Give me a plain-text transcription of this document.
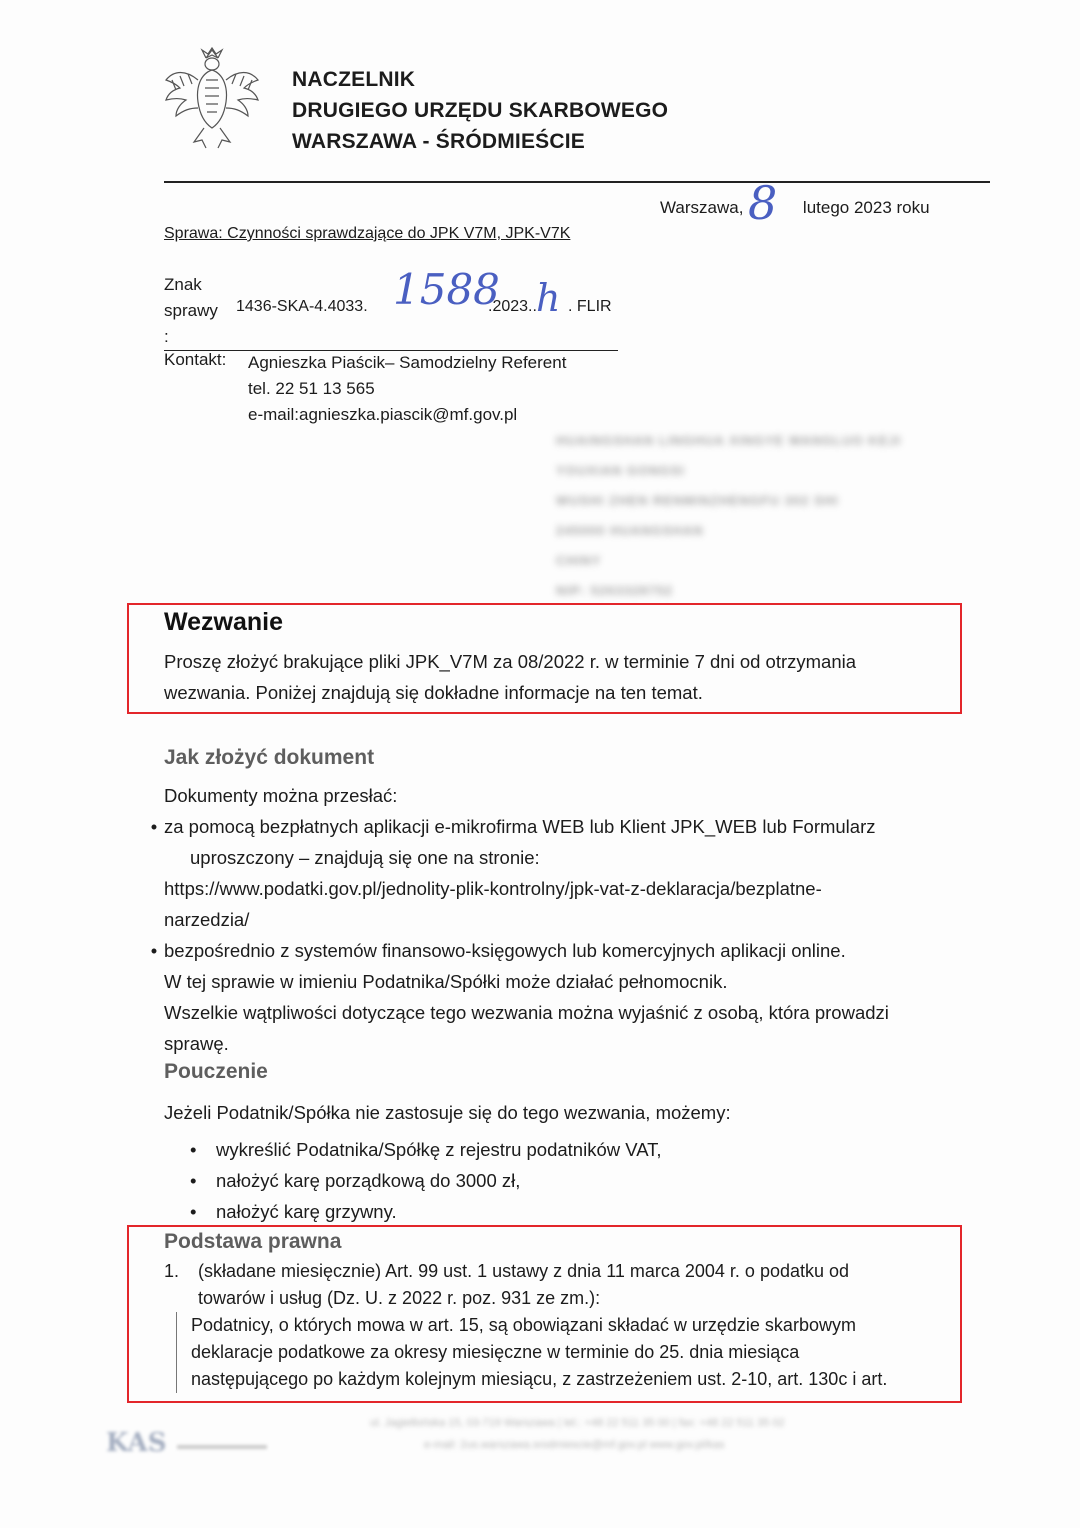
NACZELNIK
DRUGIEGO URZĘDU SKARBOWEGO
WARSZAWA - ŚRÓDMIEŚCIE
Warszawa,	lutego 2023 roku
8
Sprawa: Czynności sprawdzające do JPK V7M, JPK-V7K
Znak
sprawy
:
1436-SKA-4.4033. 1588
.2023.. h . FLIR
Kontakt: Agnieszka Piaścik– Samodzielny Referent
tel. 22 51 13 565
e-mail:agnieszka.piascik@mf.gov.pl
HUAINGSHAN LINGHUA XINGYE WANGLUO KEJI
YOUXIAN GONGSI
WUSHI ZHEN RENMINZHENGFU 302 SHI
245000 HUANGSHAN
CHINY
NIP: 5263328752
Wezwanie
Proszę złożyć brakujące pliki JPK_V7M za 08/2022 r. w terminie 7 dni od otrzymania
wezwania. Poniżej znajdują się dokładne informacje na ten temat.
Jak złożyć dokument
Dokumenty można przesłać:
• za pomocą bezpłatnych aplikacji e-mikrofirma WEB lub Klient JPK_WEB lub Formularz
uproszczony – znajdują się one na stronie:
https://www.podatki.gov.pl/jednolity-plik-kontrolny/jpk-vat-z-deklaracja/bezplatne-
narzedzia/
• bezpośrednio z systemów finansowo-księgowych lub komercyjnych aplikacji online.
W tej sprawie w imieniu Podatnika/Spółki może działać pełnomocnik.
Wszelkie wątpliwości dotyczące tego wezwania można wyjaśnić z osobą, która prowadzi
sprawę.
Pouczenie
Jeżeli Podatnik/Spółka nie zastosuje się do tego wezwania, możemy:
• wykreślić Podatnika/Spółkę z rejestru podatników VAT,
• nałożyć karę porządkową do 3000 zł,
• nałożyć karę grzywny.
Podstawa prawna
1. (składane miesięcznie) Art. 99 ust. 1 ustawy z dnia 11 marca 2004 r. o podatku od
towarów i usług (Dz. U. z 2022 r. poz. 931 ze zm.):
Podatnicy, o których mowa w art. 15, są obowiązani składać w urzędzie skarbowym
deklaracje podatkowe za okresy miesięczne w terminie do 25. dnia miesiąca
następującego po każdym kolejnym miesiącu, z zastrzeżeniem ust. 2-10, art. 130c i art.
KAS
ul. Jagiellońska 15, 03-719 Warszawa | tel.: +48 22 511 35 00 | fax: +48 22 511 35 02
e-mail: 2us.warszawa.srodmiescie@mf.gov.pl www.gov.pl/kas
